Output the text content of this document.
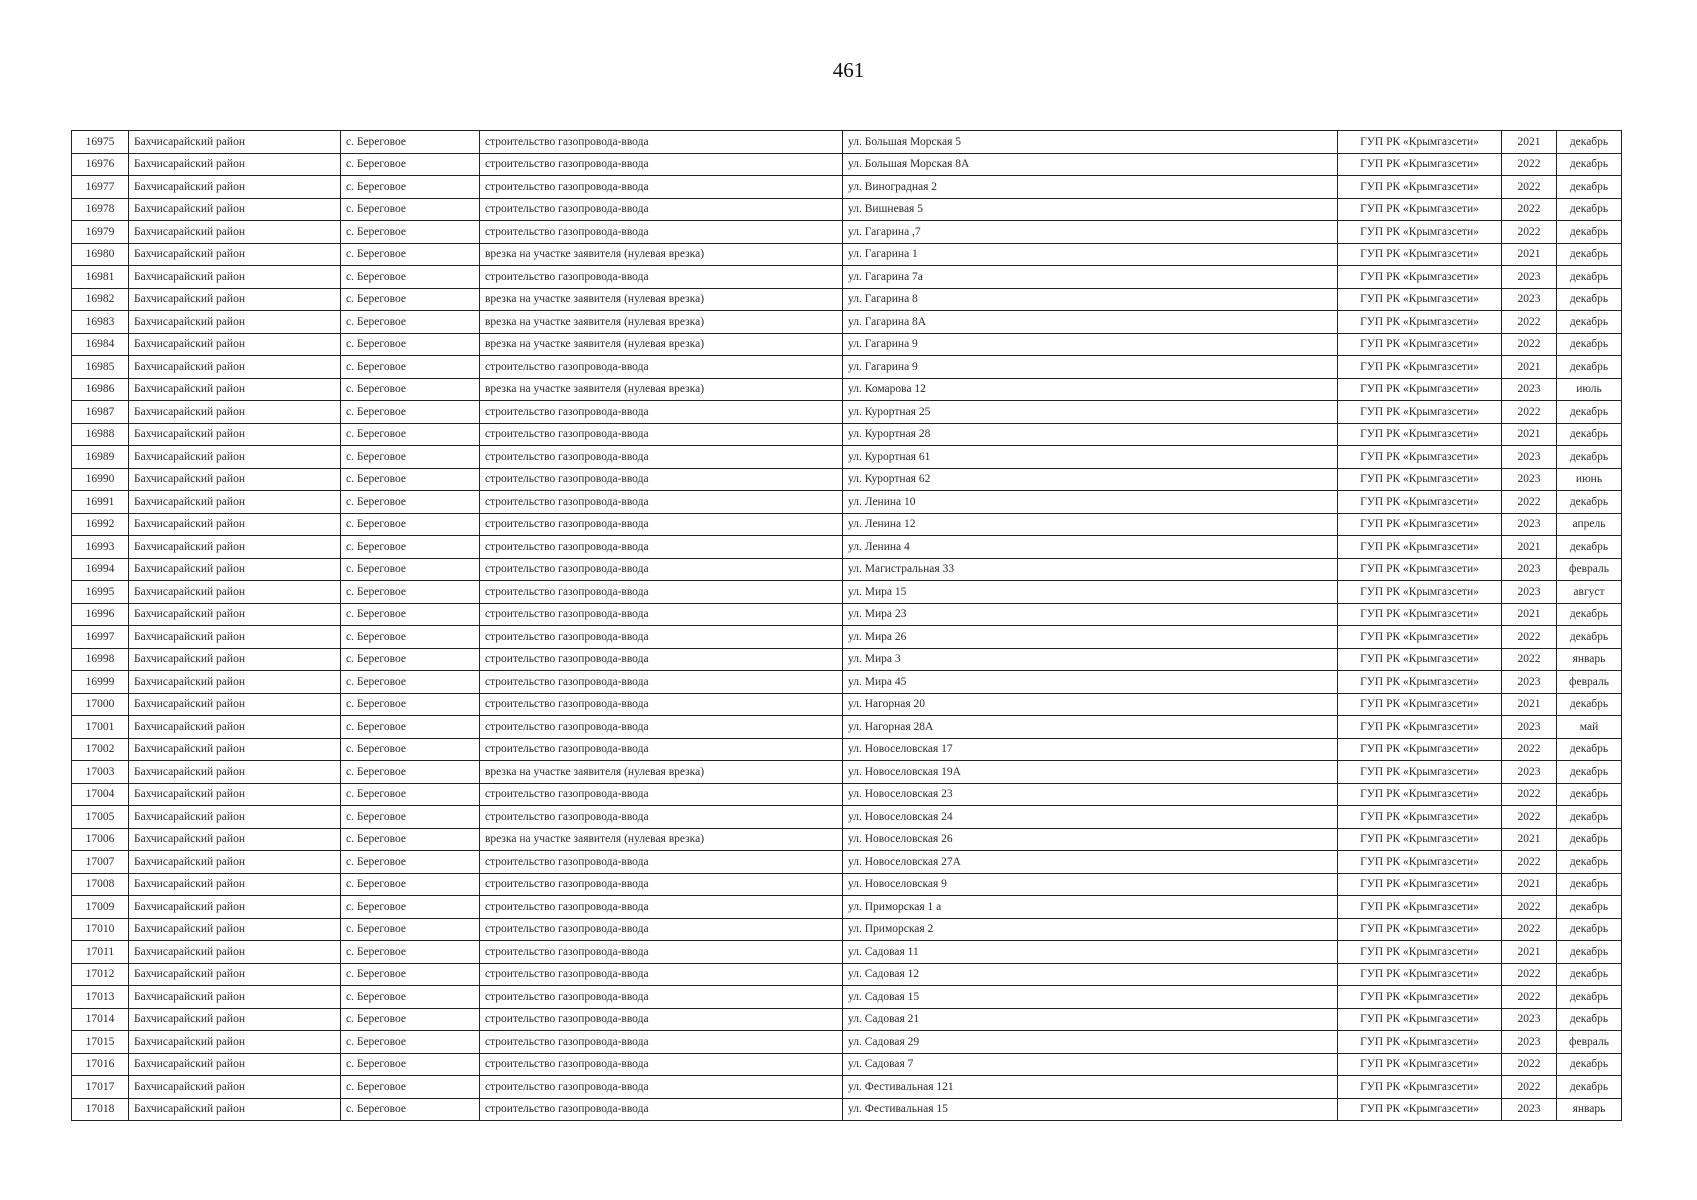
461
16975	Бахчисарайский район	с. Береговое	строительство газопровода-ввода	ул. Большая Морская 5	ГУП РК «Крымгазсети»	2021	декабрь
16976	Бахчисарайский район	с. Береговое	строительство газопровода-ввода	ул. Большая Морская 8А	ГУП РК «Крымгазсети»	2022	декабрь
16977	Бахчисарайский район	с. Береговое	строительство газопровода-ввода	ул. Виноградная 2	ГУП РК «Крымгазсети»	2022	декабрь
16978	Бахчисарайский район	с. Береговое	строительство газопровода-ввода	ул. Вишневая 5	ГУП РК «Крымгазсети»	2022	декабрь
16979	Бахчисарайский район	с. Береговое	строительство газопровода-ввода	ул. Гагарина ,7	ГУП РК «Крымгазсети»	2022	декабрь
16980	Бахчисарайский район	с. Береговое	врезка на участке заявителя (нулевая врезка)	ул. Гагарина 1	ГУП РК «Крымгазсети»	2021	декабрь
16981	Бахчисарайский район	с. Береговое	строительство газопровода-ввода	ул. Гагарина 7а	ГУП РК «Крымгазсети»	2023	декабрь
16982	Бахчисарайский район	с. Береговое	врезка на участке заявителя (нулевая врезка)	ул. Гагарина 8	ГУП РК «Крымгазсети»	2023	декабрь
16983	Бахчисарайский район	с. Береговое	врезка на участке заявителя (нулевая врезка)	ул. Гагарина 8А	ГУП РК «Крымгазсети»	2022	декабрь
16984	Бахчисарайский район	с. Береговое	врезка на участке заявителя (нулевая врезка)	ул. Гагарина 9	ГУП РК «Крымгазсети»	2022	декабрь
16985	Бахчисарайский район	с. Береговое	строительство газопровода-ввода	ул. Гагарина 9	ГУП РК «Крымгазсети»	2021	декабрь
16986	Бахчисарайский район	с. Береговое	врезка на участке заявителя (нулевая врезка)	ул. Комарова 12	ГУП РК «Крымгазсети»	2023	июль
16987	Бахчисарайский район	с. Береговое	строительство газопровода-ввода	ул. Курортная 25	ГУП РК «Крымгазсети»	2022	декабрь
16988	Бахчисарайский район	с. Береговое	строительство газопровода-ввода	ул. Курортная 28	ГУП РК «Крымгазсети»	2021	декабрь
16989	Бахчисарайский район	с. Береговое	строительство газопровода-ввода	ул. Курортная 61	ГУП РК «Крымгазсети»	2023	декабрь
16990	Бахчисарайский район	с. Береговое	строительство газопровода-ввода	ул. Курортная 62	ГУП РК «Крымгазсети»	2023	июнь
16991	Бахчисарайский район	с. Береговое	строительство газопровода-ввода	ул. Ленина 10	ГУП РК «Крымгазсети»	2022	декабрь
16992	Бахчисарайский район	с. Береговое	строительство газопровода-ввода	ул. Ленина 12	ГУП РК «Крымгазсети»	2023	апрель
16993	Бахчисарайский район	с. Береговое	строительство газопровода-ввода	ул. Ленина 4	ГУП РК «Крымгазсети»	2021	декабрь
16994	Бахчисарайский район	с. Береговое	строительство газопровода-ввода	ул. Магистральная 33	ГУП РК «Крымгазсети»	2023	февраль
16995	Бахчисарайский район	с. Береговое	строительство газопровода-ввода	ул. Мира 15	ГУП РК «Крымгазсети»	2023	август
16996	Бахчисарайский район	с. Береговое	строительство газопровода-ввода	ул. Мира 23	ГУП РК «Крымгазсети»	2021	декабрь
16997	Бахчисарайский район	с. Береговое	строительство газопровода-ввода	ул. Мира 26	ГУП РК «Крымгазсети»	2022	декабрь
16998	Бахчисарайский район	с. Береговое	строительство газопровода-ввода	ул. Мира 3	ГУП РК «Крымгазсети»	2022	январь
16999	Бахчисарайский район	с. Береговое	строительство газопровода-ввода	ул. Мира 45	ГУП РК «Крымгазсети»	2023	февраль
17000	Бахчисарайский район	с. Береговое	строительство газопровода-ввода	ул. Нагорная 20	ГУП РК «Крымгазсети»	2021	декабрь
17001	Бахчисарайский район	с. Береговое	строительство газопровода-ввода	ул. Нагорная 28А	ГУП РК «Крымгазсети»	2023	май
17002	Бахчисарайский район	с. Береговое	строительство газопровода-ввода	ул. Новоселовская 17	ГУП РК «Крымгазсети»	2022	декабрь
17003	Бахчисарайский район	с. Береговое	врезка на участке заявителя (нулевая врезка)	ул. Новоселовская 19А	ГУП РК «Крымгазсети»	2023	декабрь
17004	Бахчисарайский район	с. Береговое	строительство газопровода-ввода	ул. Новоселовская 23	ГУП РК «Крымгазсети»	2022	декабрь
17005	Бахчисарайский район	с. Береговое	строительство газопровода-ввода	ул. Новоселовская 24	ГУП РК «Крымгазсети»	2022	декабрь
17006	Бахчисарайский район	с. Береговое	врезка на участке заявителя (нулевая врезка)	ул. Новоселовская 26	ГУП РК «Крымгазсети»	2021	декабрь
17007	Бахчисарайский район	с. Береговое	строительство газопровода-ввода	ул. Новоселовская 27А	ГУП РК «Крымгазсети»	2022	декабрь
17008	Бахчисарайский район	с. Береговое	строительство газопровода-ввода	ул. Новоселовская 9	ГУП РК «Крымгазсети»	2021	декабрь
17009	Бахчисарайский район	с. Береговое	строительство газопровода-ввода	ул. Приморская 1 а	ГУП РК «Крымгазсети»	2022	декабрь
17010	Бахчисарайский район	с. Береговое	строительство газопровода-ввода	ул. Приморская 2	ГУП РК «Крымгазсети»	2022	декабрь
17011	Бахчисарайский район	с. Береговое	строительство газопровода-ввода	ул. Садовая 11	ГУП РК «Крымгазсети»	2021	декабрь
17012	Бахчисарайский район	с. Береговое	строительство газопровода-ввода	ул. Садовая 12	ГУП РК «Крымгазсети»	2022	декабрь
17013	Бахчисарайский район	с. Береговое	строительство газопровода-ввода	ул. Садовая 15	ГУП РК «Крымгазсети»	2022	декабрь
17014	Бахчисарайский район	с. Береговое	строительство газопровода-ввода	ул. Садовая 21	ГУП РК «Крымгазсети»	2023	декабрь
17015	Бахчисарайский район	с. Береговое	строительство газопровода-ввода	ул. Садовая 29	ГУП РК «Крымгазсети»	2023	февраль
17016	Бахчисарайский район	с. Береговое	строительство газопровода-ввода	ул. Садовая 7	ГУП РК «Крымгазсети»	2022	декабрь
17017	Бахчисарайский район	с. Береговое	строительство газопровода-ввода	ул. Фестивальная 121	ГУП РК «Крымгазсети»	2022	декабрь
17018	Бахчисарайский район	с. Береговое	строительство газопровода-ввода	ул. Фестивальная 15	ГУП РК «Крымгазсети»	2023	январь
